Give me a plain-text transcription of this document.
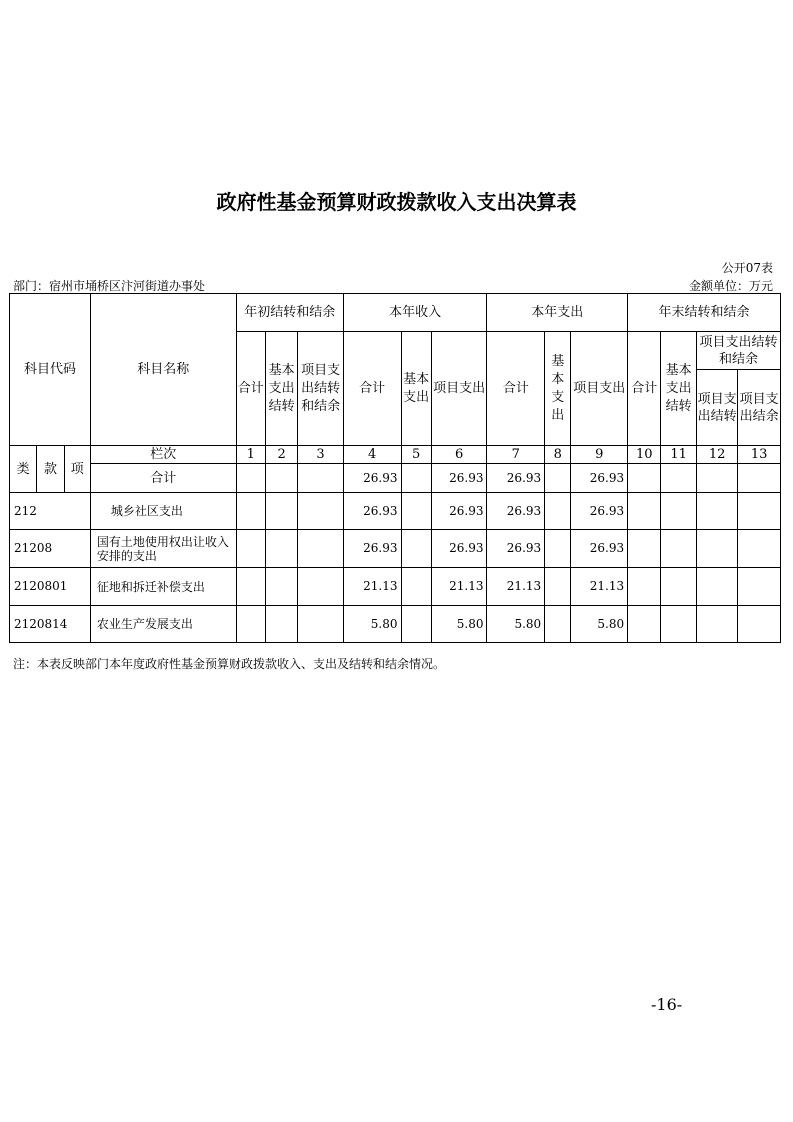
政府性基金预算财政拨款收入支出决算表
公开07表
部门：宿州市埇桥区汴河街道办事处	金额单位：万元
科目代码			科目名称	年初结转和结余			本年收入			本年支出			年末结转和结余			
				合计	基本支出结转	项目支出结转和结余	合计	基本支出	项目支出	合计	基本支出	项目支出	合计	基本支出结转	项目支出结转和结余	
															项目支出结转	项目支出结余
类	款	项	栏次	1	2	3	4	5	6	7	8	9	10	11	12	13
			合计				26.93		26.93	26.93		26.93				
212			城乡社区支出				26.93		26.93	26.93		26.93				
21208			国有土地使用权出让收入安排的支出				26.93		26.93	26.93		26.93				
2120801			征地和拆迁补偿支出				21.13		21.13	21.13		21.13				
2120814			农业生产发展支出				5.80		5.80	5.80		5.80				
注：本表反映部门本年度政府性基金预算财政拨款收入、支出及结转和结余情况。
-16-
